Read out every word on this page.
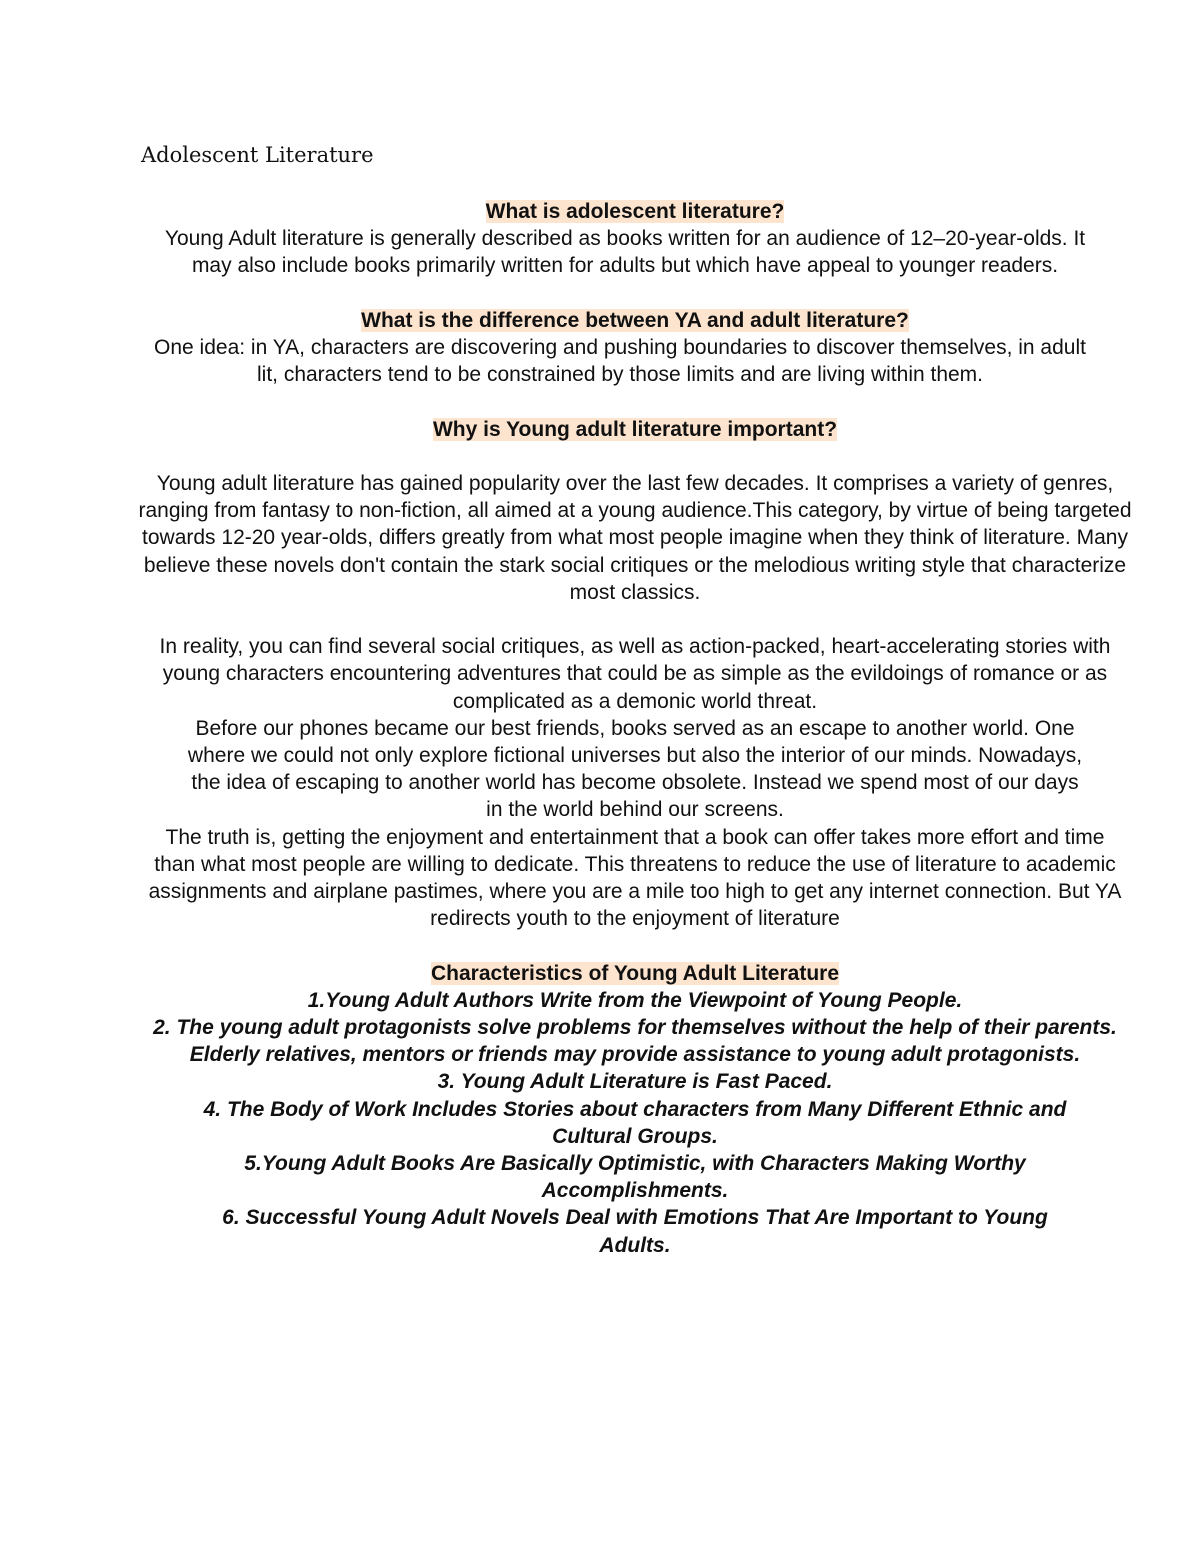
Adolescent Literature
What is adolescent literature?

Young Adult literature is generally described as books written for an audience of 12–20-year-olds. It may also include books primarily written for adults but which have appeal to younger readers.

What is the difference between YA and adult literature?

One idea: in YA, characters are discovering and pushing boundaries to discover themselves, in adult lit, characters tend to be constrained by those limits and are living within them.

Why is Young adult literature important?

Young adult literature has gained popularity over the last few decades. It comprises a variety of genres, ranging from fantasy to non-fiction, all aimed at a young audience.This category, by virtue of being targeted towards 12-20 year-olds, differs greatly from what most people imagine when they think of literature. Many believe these novels don't contain the stark social critiques or the melodious writing style that characterize most classics.

In reality, you can find several social critiques, as well as action-packed, heart-accelerating stories with young characters encountering adventures that could be as simple as the evildoings of romance or as complicated as a demonic world threat.

Before our phones became our best friends, books served as an escape to another world. One where we could not only explore fictional universes but also the interior of our minds. Nowadays, the idea of escaping to another world has become obsolete. Instead we spend most of our days in the world behind our screens.

The truth is, getting the enjoyment and entertainment that a book can offer takes more effort and time than what most people are willing to dedicate. This threatens to reduce the use of literature to academic assignments and airplane pastimes, where you are a mile too high to get any internet connection. But YA redirects youth to the enjoyment of literature

Characteristics of Young Adult Literature
1.Young Adult Authors Write from the Viewpoint of Young People.
2. The young adult protagonists solve problems for themselves without the help of their parents. Elderly relatives, mentors or friends may provide assistance to young adult protagonists.
3. Young Adult Literature is Fast Paced.
4. The Body of Work Includes Stories about characters from Many Different Ethnic and Cultural Groups.
5.Young Adult Books Are Basically Optimistic, with Characters Making Worthy Accomplishments.
6. Successful Young Adult Novels Deal with Emotions That Are Important to Young Adults.
